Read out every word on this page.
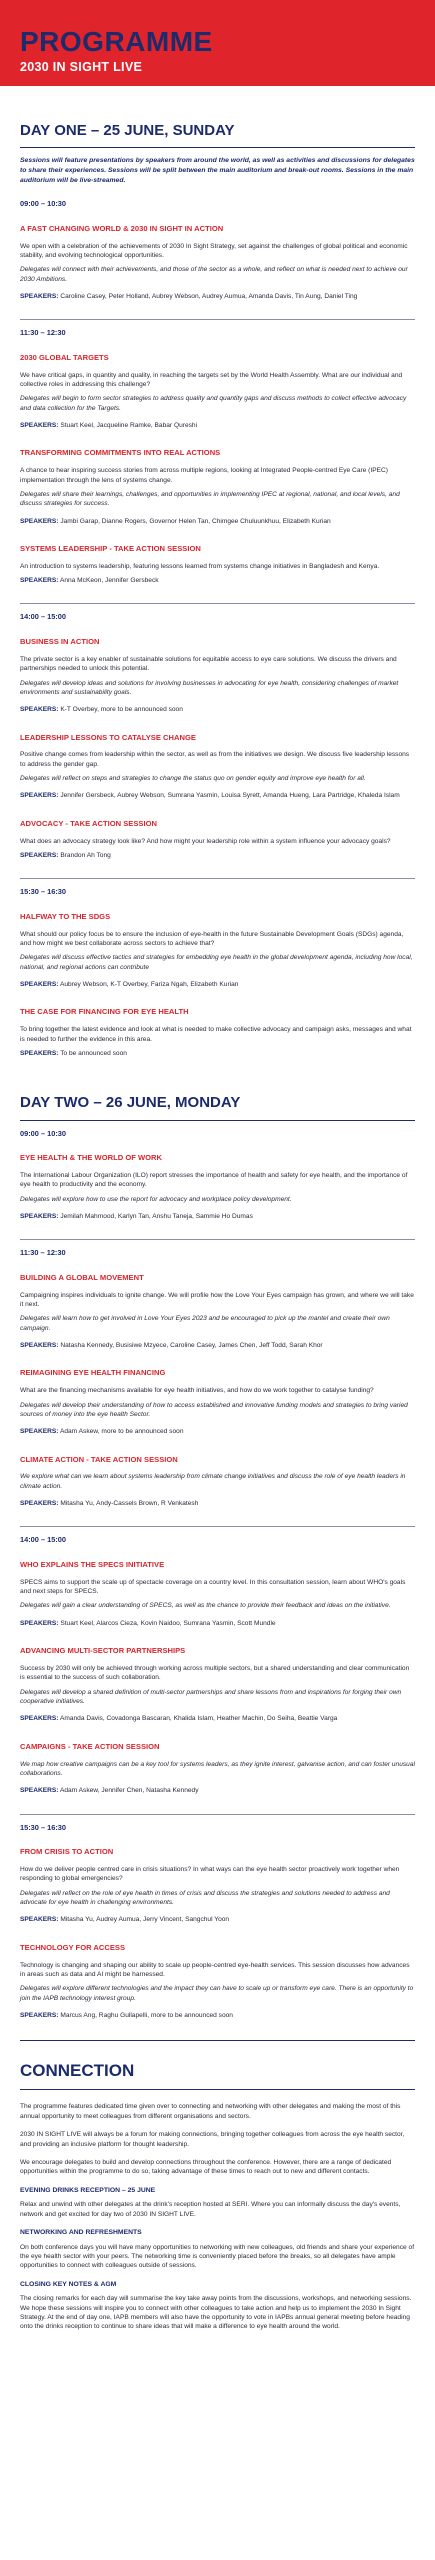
PROGRAMME
2030 IN SIGHT LIVE
DAY ONE – 25 JUNE, SUNDAY
Sessions will feature presentations by speakers from around the world, as well as activities and discussions for delegates to share their experiences. Sessions will be split between the main auditorium and break-out rooms. Sessions in the main auditorium will be live-streamed.
09:00 – 10:30
A FAST CHANGING WORLD & 2030 IN SIGHT IN ACTION
We open with a celebration of the achievements of 2030 In Sight Strategy, set against the challenges of global political and economic stability, and evolving technological opportunities.
Delegates will connect with their achievements, and those of the sector as a whole, and reflect on what is needed next to achieve our 2030 Ambitions.
SPEAKERS: Caroline Casey, Peter Holland, Aubrey Webson, Audrey Aumua, Amanda Davis, Tin Aung, Daniel Ting
11:30 – 12:30
2030 GLOBAL TARGETS
We have critical gaps, in quantity and quality, in reaching the targets set by the World Health Assembly. What are our individual and collective roles in addressing this challenge?
Delegates will begin to form sector strategies to address quality and quantity gaps and discuss methods to collect effective advocacy and data collection for the Targets.
SPEAKERS: Stuart Keel, Jacqueline Ramke, Babar Qureshi
TRANSFORMING COMMITMENTS INTO REAL ACTIONS
A chance to hear inspiring success stories from across multiple regions, looking at Integrated People-centred Eye Care (IPEC) implementation through the lens of systems change.
Delegates will share their learnings, challenges, and opportunities in implementing IPEC at regional, national, and local levels, and discuss strategies for success.
SPEAKERS: Jambi Garap, Dianne Rogers, Governor Helen Tan, Chimgee Chuluunkhuu, Elizabeth Kurian
SYSTEMS LEADERSHIP - TAKE ACTION SESSION
An introduction to systems leadership, featuring lessons learned from systems change initiatives in Bangladesh and Kenya.
SPEAKERS: Anna McKeon, Jennifer Gersbeck
14:00 – 15:00
BUSINESS IN ACTION
The private sector is a key enabler of sustainable solutions for equitable access to eye care solutions. We discuss the drivers and partnerships needed to unlock this potential.
Delegates will develop ideas and solutions for involving businesses in advocating for eye health, considering challenges of market environments and sustainability goals.
SPEAKERS: K-T Overbey, more to be announced soon
LEADERSHIP LESSONS TO CATALYSE CHANGE
Positive change comes from leadership within the sector, as well as from the initiatives we design. We discuss five leadership lessons to address the gender gap.
Delegates will reflect on steps and strategies to change the status quo on gender equity and improve eye health for all.
SPEAKERS: Jennifer Gersbeck, Aubrey Webson, Sumrana Yasmin, Louisa Syrett, Amanda Hueng, Lara Partridge, Khaleda Islam
ADVOCACY - TAKE ACTION SESSION
What does an advocacy strategy look like? And how might your leadership role within a system influence your advocacy goals?
SPEAKERS: Brandon Ah Tong
15:30 – 16:30
HALFWAY TO THE SDGS
What should our policy focus be to ensure the inclusion of eye-health in the future Sustainable Development Goals (SDGs) agenda, and how might we best collaborate across sectors to achieve that?
Delegates will discuss effective tactics and strategies for embedding eye health in the global development agenda, including how local, national, and regional actions can contribute
SPEAKERS: Aubrey Webson, K-T Overbey, Fariza Ngah, Elizabeth Kurian
THE CASE FOR FINANCING FOR EYE HEALTH
To bring together the latest evidence and look at what is needed to make collective advocacy and campaign asks, messages and what is needed to further the evidence in this area.
SPEAKERS: To be announced soon
DAY TWO – 26 JUNE, MONDAY
09:00 – 10:30
EYE HEALTH & THE WORLD OF WORK
The International Labour Organization (ILO) report stresses the importance of health and safety for eye health, and the importance of eye health to productivity and the economy.
Delegates will explore how to use the report for advocacy and workplace policy development.
SPEAKERS: Jemilah Mahmood, Karlyn Tan, Anshu Taneja, Sammie Ho Dumas
11:30 – 12:30
BUILDING A GLOBAL MOVEMENT
Campaigning inspires individuals to ignite change. We will profile how the Love Your Eyes campaign has grown, and where we will take it next.
Delegates will learn how to get involved in Love Your Eyes 2023 and be encouraged to pick up the mantel and create their own campaign.
SPEAKERS: Natasha Kennedy, Busisiwe Mzyece, Caroline Casey, James Chen, Jeff Todd, Sarah Khor
REIMAGINING EYE HEALTH FINANCING
What are the financing mechanisms available for eye health initiatives, and how do we work together to catalyse funding?
Delegates will develop their understanding of how to access established and innovative funding models and strategies to bring varied sources of money into the eye health Sector.
SPEAKERS: Adam Askew, more to be announced soon
CLIMATE ACTION - TAKE ACTION SESSION
We explore what can we learn about systems leadership from climate change initiatives and discuss the role of eye health leaders in climate action.
SPEAKERS: Mitasha Yu, Andy-Cassels Brown, R Venkatesh
14:00 – 15:00
WHO EXPLAINS THE SPECS INITIATIVE
SPECS aims to support the scale up of spectacle coverage on a country level. In this consultation session, learn about WHO's goals and next steps for SPECS.
Delegates will gain a clear understanding of SPECS, as well as the chance to provide their feedback and ideas on the initiative.
SPEAKERS: Stuart Keel, Alarcos Cieza, Kovin Naidoo, Sumrana Yasmin, Scott Mundle
ADVANCING MULTI-SECTOR PARTNERSHIPS
Success by 2030 will only be achieved through working across multiple sectors, but a shared understanding and clear communication is essential to the success of such collaboration.
Delegates will develop a shared definition of multi-sector partnerships and share lessons from and inspirations for forging their own cooperative initiatives.
SPEAKERS: Amanda Davis, Covadonga Bascaran, Khalida Islam, Heather Machin, Do Seiha, Beattie Varga
CAMPAIGNS - TAKE ACTION SESSION
We map how creative campaigns can be a key tool for systems leaders, as they ignite interest, galvanise action, and can foster unusual collaborations.
SPEAKERS: Adam Askew, Jennifer Chen, Natasha Kennedy
15:30 – 16:30
FROM CRISIS TO ACTION
How do we deliver people centred care in crisis situations? In what ways can the eye health sector proactively work together when responding to global emergencies?
Delegates will reflect on the role of eye health in times of crisis and discuss the strategies and solutions needed to address and advocate for eye health in challenging environments.
SPEAKERS: Mitasha Yu, Audrey Aumua, Jerry Vincent, Sangchul Yoon
TECHNOLOGY FOR ACCESS
Technology is changing and shaping our ability to scale up people-centred eye-health services. This session discusses how advances in areas such as data and AI might be harnessed.
Delegates will explore different technologies and the impact they can have to scale up or transform eye care. There is an opportunity to join the IAPB technology interest group.
SPEAKERS: Marcus Ang, Raghu Gullapelli, more to be announced soon
CONNECTION

The programme features dedicated time given over to connecting and networking with other delegates and making the most of this annual opportunity to meet colleagues from different organisations and sectors.

2030 IN SIGHT LIVE will always be a forum for making connections, bringing together colleagues from across the eye health sector, and providing an inclusive platform for thought leadership.

We encourage delegates to build and develop connections throughout the conference. However, there are a range of dedicated opportunities within the programme to do so, taking advantage of these times to reach out to new and different contacts.

EVENING DRINKS RECEPTION – 25 JUNE

Relax and unwind with other delegates at the drink's reception hosted at SERI. Where you can informally discuss the day's events, network and get excited for day two of 2030 IN SIGHT LIVE.

NETWORKING AND REFRESHMENTS

On both conference days you will have many opportunities to networking with new colleagues, old friends and share your experience of the eye health sector with your peers. The networking time is conveniently placed before the breaks, so all delegates have ample opportunities to connect with colleagues outside of sessions.

CLOSING KEY NOTES & AGM

The closing remarks for each day will summarise the key take away points from the discussions, workshops, and networking sessions. We hope these sessions will inspire you to connect with other colleagues to take action and help us to implement the 2030 In Sight Strategy. At the end of day one, IAPB members will also have the opportunity to vote in IAPBs annual general meeting before heading onto the drinks reception to continue to share ideas that will make a difference to eye health around the world.
